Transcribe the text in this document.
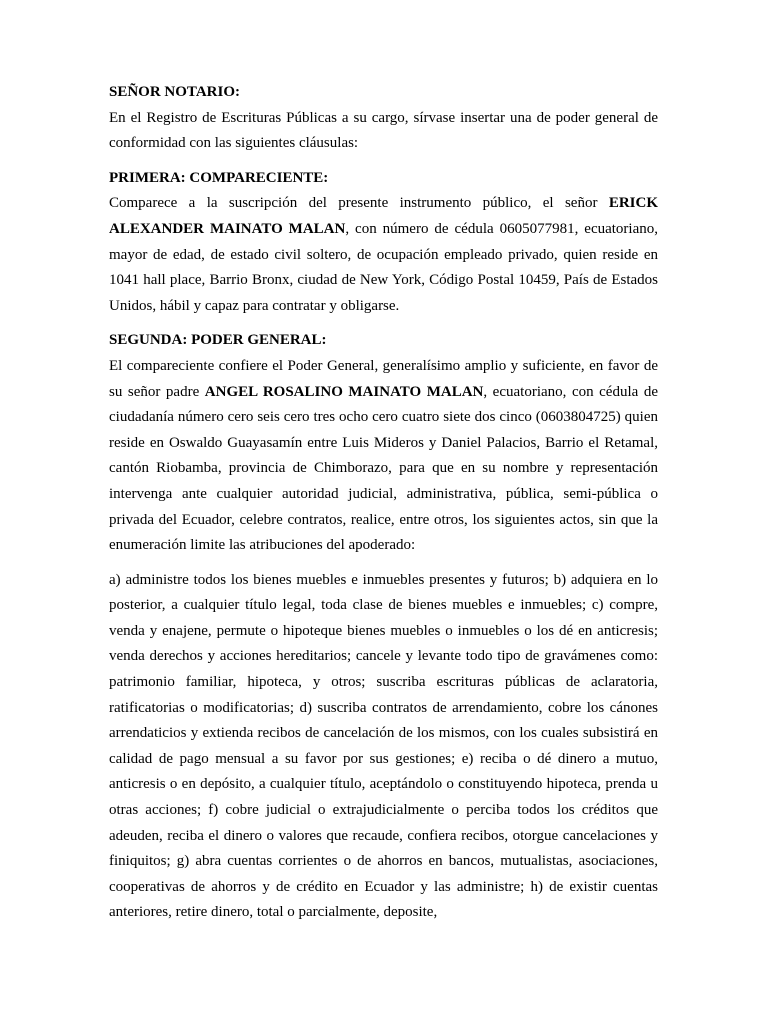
SEÑOR NOTARIO:

En el Registro de Escrituras Públicas a su cargo, sírvase insertar una de poder general de conformidad con las siguientes cláusulas:

PRIMERA: COMPARECIENTE:

Comparece a la suscripción del presente instrumento público, el señor ERICK ALEXANDER MAINATO MALAN, con número de cédula 0605077981, ecuatoriano, mayor de edad, de estado civil soltero, de ocupación empleado privado, quien reside en 1041 hall place, Barrio Bronx, ciudad de New York, Código Postal 10459, País de Estados Unidos, hábil y capaz para contratar y obligarse.

SEGUNDA: PODER GENERAL:

El compareciente confiere el Poder General, generalísimo amplio y suficiente, en favor de su señor padre ANGEL ROSALINO MAINATO MALAN, ecuatoriano, con cédula de ciudadanía número cero seis cero tres ocho cero cuatro siete dos cinco (0603804725) quien reside en Oswaldo Guayasamín entre Luis Mideros y Daniel Palacios, Barrio el Retamal, cantón Riobamba, provincia de Chimborazo, para que en su nombre y representación intervenga ante cualquier autoridad judicial, administrativa, pública, semi-pública o privada del Ecuador, celebre contratos, realice, entre otros, los siguientes actos, sin que la enumeración limite las atribuciones del apoderado:

a) administre todos los bienes muebles e inmuebles presentes y futuros; b) adquiera en lo posterior, a cualquier título legal, toda clase de bienes muebles e inmuebles; c) compre, venda y enajene, permute o hipoteque bienes muebles o inmuebles o los dé en anticresis; venda derechos y acciones hereditarios; cancele y levante todo tipo de gravámenes como: patrimonio familiar, hipoteca, y otros; suscriba escrituras públicas de aclaratoria, ratificatorias o modificatorias; d) suscriba contratos de arrendamiento, cobre los cánones arrendaticios y extienda recibos de cancelación de los mismos, con los cuales subsistirá en calidad de pago mensual a su favor por sus gestiones; e) reciba o dé dinero a mutuo, anticresis o en depósito, a cualquier título, aceptándolo o constituyendo hipoteca, prenda u otras acciones; f) cobre judicial o extrajudicialmente o perciba todos los créditos que adeuden, reciba el dinero o valores que recaude, confiera recibos, otorgue cancelaciones y finiquitos; g) abra cuentas corrientes o de ahorros en bancos, mutualistas, asociaciones, cooperativas de ahorros y de crédito en Ecuador y las administre; h) de existir cuentas anteriores, retire dinero, total o parcialmente, deposite,
